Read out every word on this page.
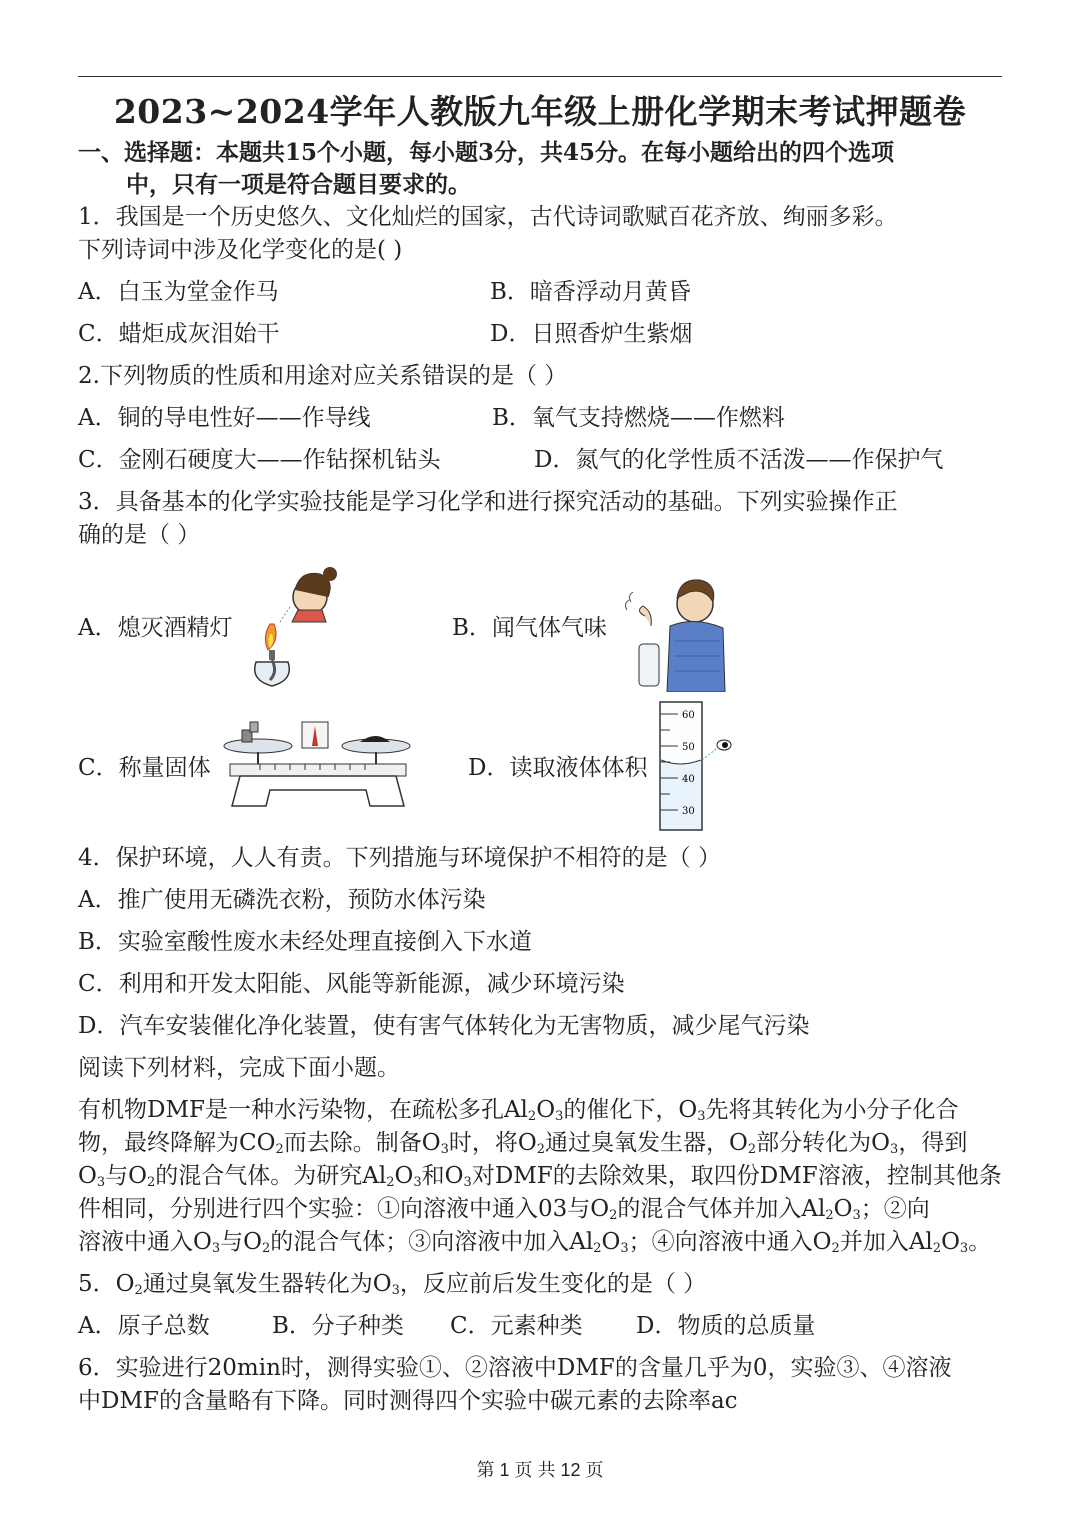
2023~2024学年人教版九年级上册化学期末考试押题卷
一、选择题：本题共15个小题，每小题3分，共45分。在每小题给出的四个选项
中，只有一项是符合题目要求的。
1．我国是一个历史悠久、文化灿烂的国家，古代诗词歌赋百花齐放、绚丽多彩。
下列诗词中涉及化学变化的是( )
A．白玉为堂金作马	B．暗香浮动月黄昏
C．蜡炬成灰泪始干	D．日照香炉生紫烟
2.下列物质的性质和用途对应关系错误的是（ ）
A．铜的导电性好——作导线	B．氧气支持燃烧——作燃料
C．金刚石硬度大——作钻探机钻头	D．氮气的化学性质不活泼——作保护气
3．具备基本的化学实验技能是学习化学和进行探究活动的基础。下列实验操作正
确的是（ ）
A．熄灭酒精灯	B．闻气体气味
C．称量固体	D．读取液体体积
60
50
40
30
4．保护环境，人人有责。下列措施与环境保护不相符的是（ ）
A．推广使用无磷洗衣粉，预防水体污染
B．实验室酸性废水未经处理直接倒入下水道
C．利用和开发太阳能、风能等新能源，减少环境污染
D．汽车安装催化净化装置，使有害气体转化为无害物质，减少尾气污染
阅读下列材料，完成下面小题。
有机物DMF是一种水污染物，在疏松多孔$Al_2O_3$的催化下，$O_3$先将其转化为小分子化合
物，最终降解为$CO_2$而去除。制备$O_3$时，将$O_2$通过臭氧发生器，$O_2$部分转化为$O_3$，得到
$O_3$与$O_2$的混合气体。为研究$Al_2O_3$和$O_3$对DMF的去除效果，取四份DMF溶液，控制其他条
件相同，分别进行四个实验：①向溶液中通入03与$O_2$的混合气体并加入$Al_2O_3$；②向
溶液中通入$O_3$与$O_2$的混合气体；③向溶液中加入$Al_2O_3$；④向溶液中通入$O_2$并加入$Al_2O_3$。
5．$O_2$通过臭氧发生器转化为$O_3$，反应前后发生变化的是（ ）
A．原子总数	B．分子种类 C．元素种类 D．物质的总质量
6．实验进行20min时，测得实验①、②溶液中DMF的含量几乎为0，实验③、④溶液
中DMF的含量略有下降。同时测得四个实验中碳元素的去除率ac
第 1 页 共 12 页
